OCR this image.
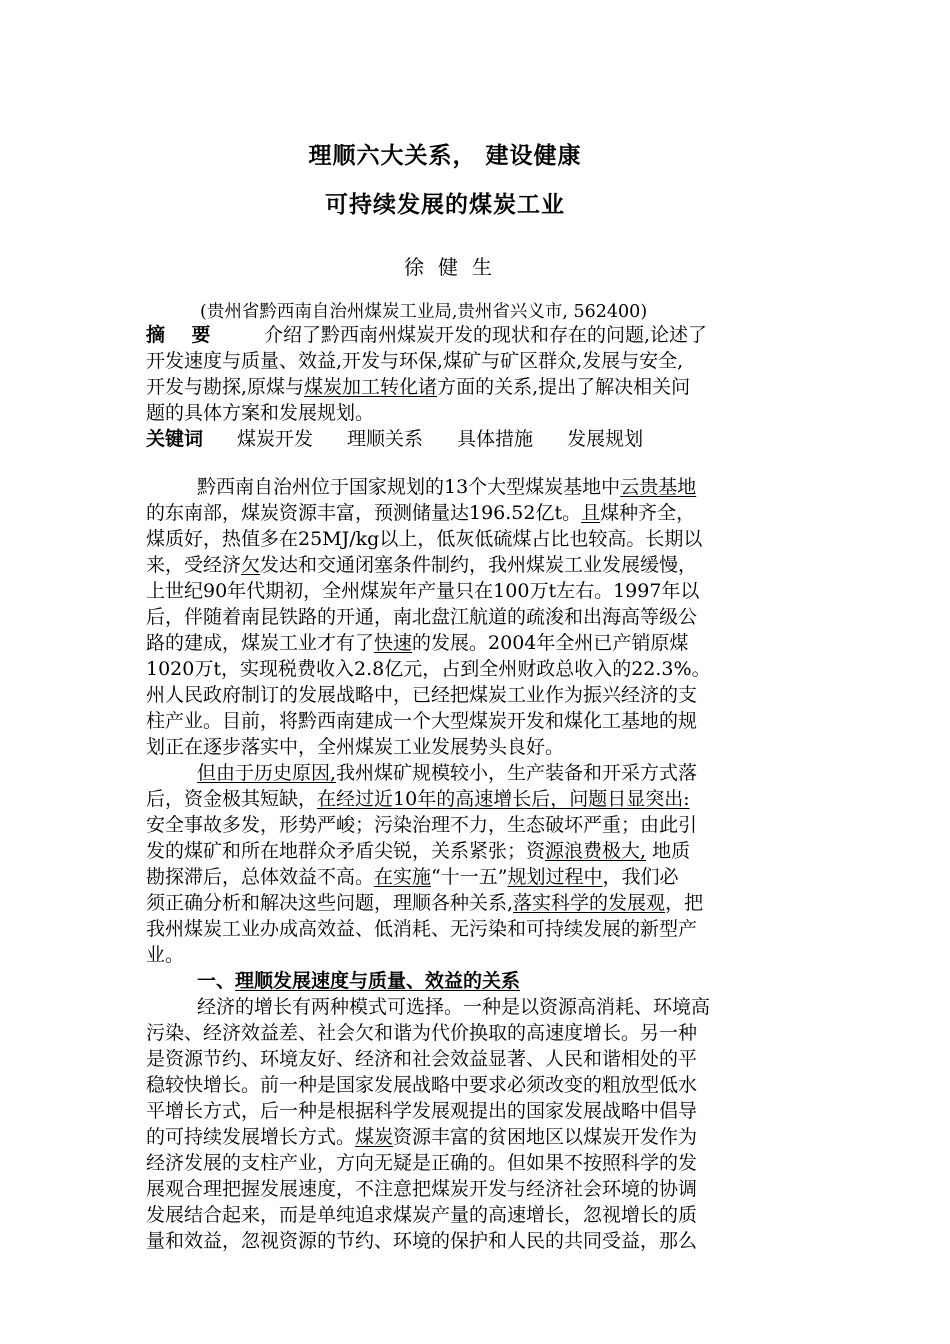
理顺六大关系， 建设健康
可持续发展的煤炭工业
徐健生
(贵州省黔西南自治州煤炭工业局,贵州省兴义市, 562400)
摘    要	介绍了黔西南州煤炭开发的现状和存在的问题,论述了
开发速度与质量、效益,开发与环保,煤矿与矿区群众,发展与安全,
开发与勘探,原煤与煤炭加工转化诸方面的关系,提出了解决相关问
题的具体方案和发展规划。
关键词 煤炭开发 理顺关系 具体措施 发展规划
黔西南自治州位于国家规划的13个大型煤炭基地中云贵基地
的东南部，煤炭资源丰富，预测储量达196.52亿t。且煤种齐全，
煤质好，热值多在25MJ/kg以上，低灰低硫煤占比也较高。长期以
来，受经济欠发达和交通闭塞条件制约，我州煤炭工业发展缓慢，
上世纪90年代期初，全州煤炭年产量只在100万t左右。1997年以
后，伴随着南昆铁路的开通，南北盘江航道的疏浚和出海高等级公
路的建成，煤炭工业才有了快速的发展。2004年全州已产销原煤
1020万t，实现税费收入2.8亿元，占到全州财政总收入的22.3%。
州人民政府制订的发展战略中，已经把煤炭工业作为振兴经济的支
柱产业。目前，将黔西南建成一个大型煤炭开发和煤化工基地的规
划正在逐步落实中，全州煤炭工业发展势头良好。
但由于历史原因,我州煤矿规模较小，生产装备和开采方式落
后，资金极其短缺，在经过近10年的高速增长后，问题日显突出:
安全事故多发，形势严峻；污染治理不力，生态破坏严重；由此引
发的煤矿和所在地群众矛盾尖锐，关系紧张；资源浪费极大, 地质
勘探滞后，总体效益不高。在实施“十一五”规划过程中，我们必
须正确分析和解决这些问题，理顺各种关系,落实科学的发展观，把
我州煤炭工业办成高效益、低消耗、无污染和可持续发展的新型产
业。
一、理顺发展速度与质量、效益的关系
经济的增长有两种模式可选择。一种是以资源高消耗、环境高
污染、经济效益差、社会欠和谐为代价换取的高速度增长。另一种
是资源节约、环境友好、经济和社会效益显著、人民和谐相处的平
稳较快增长。前一种是国家发展战略中要求必须改变的粗放型低水
平增长方式，后一种是根据科学发展观提出的国家发展战略中倡导
的可持续发展增长方式。煤炭资源丰富的贫困地区以煤炭开发作为
经济发展的支柱产业，方向无疑是正确的。但如果不按照科学的发
展观合理把握发展速度，不注意把煤炭开发与经济社会环境的协调
发展结合起来，而是单纯追求煤炭产量的高速增长，忽视增长的质
量和效益，忽视资源的节约、环境的保护和人民的共同受益，那么
